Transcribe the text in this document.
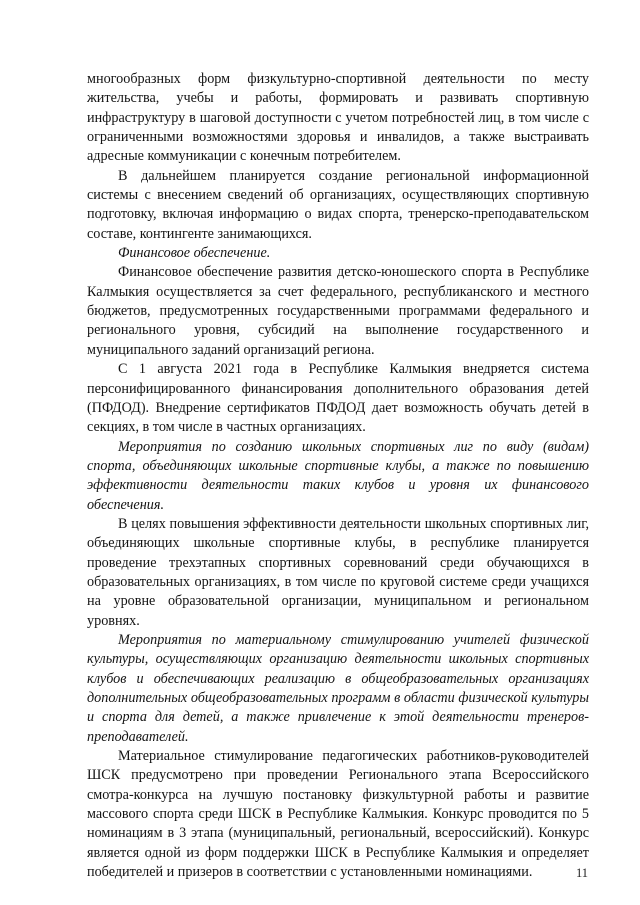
многообразных форм физкультурно-спортивной деятельности по месту жительства, учебы и работы, формировать и развивать спортивную инфраструктуру в шаговой доступности с учетом потребностей лиц, в том числе с ограниченными возможностями здоровья и инвалидов, а также выстраивать адресные коммуникации с конечным потребителем.

В дальнейшем планируется создание региональной информационной системы с внесением сведений об организациях, осуществляющих спортивную подготовку, включая информацию о видах спорта, тренерско-преподавательском составе, контингенте занимающихся.

Финансовое обеспечение.

Финансовое обеспечение развития детско-юношеского спорта в Республике Калмыкия осуществляется за счет федерального, республиканского и местного бюджетов, предусмотренных государственными программами федерального и регионального уровня, субсидий на выполнение государственного и муниципального заданий организаций региона.

С 1 августа 2021 года в Республике Калмыкия внедряется система персонифицированного финансирования дополнительного образования детей (ПФДОД). Внедрение сертификатов ПФДОД дает возможность обучать детей в секциях, в том числе в частных организациях.

Мероприятия по созданию школьных спортивных лиг по виду (видам) спорта, объединяющих школьные спортивные клубы, а также по повышению эффективности деятельности таких клубов и уровня их финансового обеспечения.

В целях повышения эффективности деятельности школьных спортивных лиг, объединяющих школьные спортивные клубы, в республике планируется проведение трехэтапных спортивных соревнований среди обучающихся в образовательных организациях, в том числе по круговой системе среди учащихся на уровне образовательной организации, муниципальном и региональном уровнях.

Мероприятия по материальному стимулированию учителей физической культуры, осуществляющих организацию деятельности школьных спортивных клубов и обеспечивающих реализацию в общеобразовательных организациях дополнительных общеобразовательных программ в области физической культуры и спорта для детей, а также привлечение к этой деятельности тренеров-преподавателей.

Материальное стимулирование педагогических работников-руководителей ШСК предусмотрено при проведении Регионального этапа Всероссийского смотра-конкурса на лучшую постановку физкультурной работы и развитие массового спорта среди ШСК в Республике Калмыкия. Конкурс проводится по 5 номинациям в 3 этапа (муниципальный, региональный, всероссийский). Конкурс является одной из форм поддержки ШСК в Республике Калмыкия и определяет победителей и призеров в соответствии с установленными номинациями.	11
